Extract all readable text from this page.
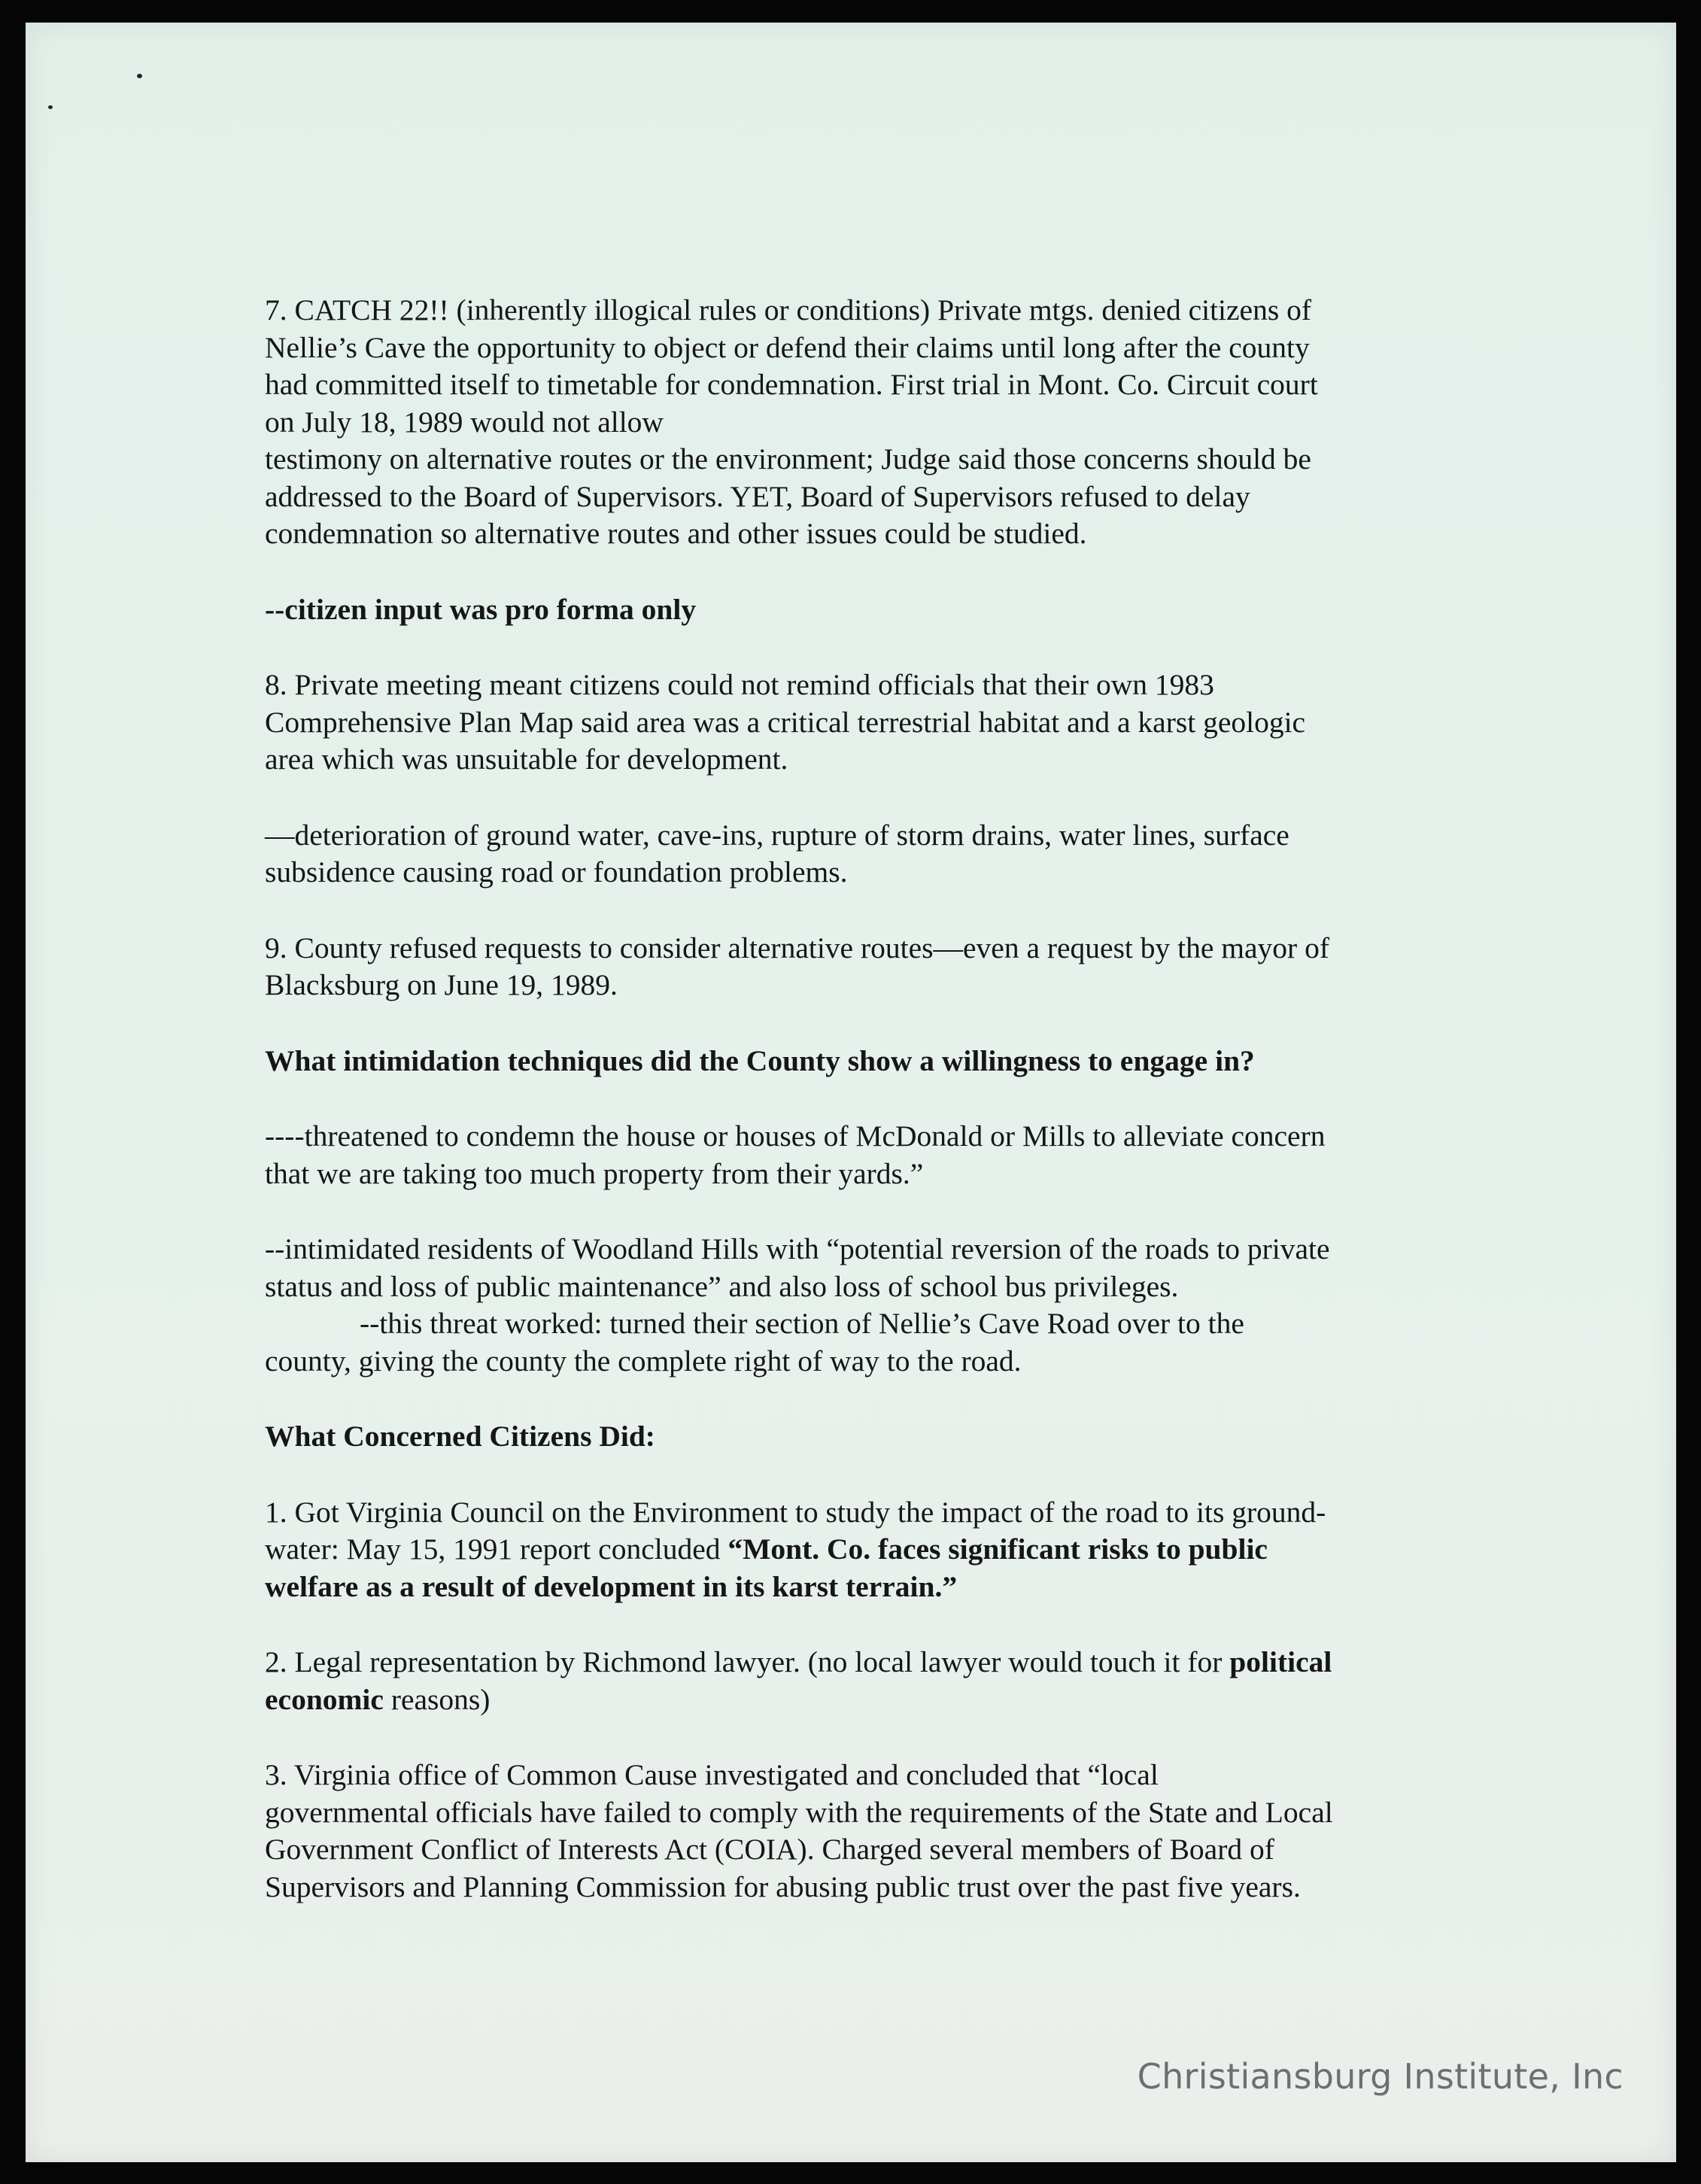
7. CATCH 22!! (inherently illogical rules or conditions) Private mtgs. denied citizens of

Nellie’s Cave the opportunity to object or defend their claims until long after the county

had committed itself to timetable for condemnation. First trial in Mont. Co. Circuit court

on July 18, 1989 would not allow

testimony on alternative routes or the environment; Judge said those concerns should be

addressed to the Board of Supervisors. YET, Board of Supervisors refused to delay

condemnation so alternative routes and other issues could be studied.

--citizen input was pro forma only

8. Private meeting meant citizens could not remind officials that their own 1983

Comprehensive Plan Map said area was a critical terrestrial habitat and a karst geologic

area which was unsuitable for development.

—deterioration of ground water, cave-ins, rupture of storm drains, water lines, surface

subsidence causing road or foundation problems.

9. County refused requests to consider alternative routes—even a request by the mayor of

Blacksburg on June 19, 1989.

What intimidation techniques did the County show a willingness to engage in?

----threatened to condemn the house or houses of McDonald or Mills to alleviate concern

that we are taking too much property from their yards.”

--intimidated residents of Woodland Hills with “potential reversion of the roads to private

status and loss of public maintenance” and also loss of school bus privileges.

--this threat worked: turned their section of Nellie’s Cave Road over to the

county, giving the county the complete right of way to the road.

What Concerned Citizens Did:

1. Got Virginia Council on the Environment to study the impact of the road to its ground-

water: May 15, 1991 report concluded “Mont. Co. faces significant risks to public

welfare as a result of development in its karst terrain.”

2. Legal representation by Richmond lawyer. (no local lawyer would touch it for political

economic reasons)

3. Virginia office of Common Cause investigated and concluded that “local

governmental officials have failed to comply with the requirements of the State and Local

Government Conflict of Interests Act (COIA). Charged several members of Board of

Supervisors and Planning Commission for abusing public trust over the past five years.

Christiansburg Institute, Inc
